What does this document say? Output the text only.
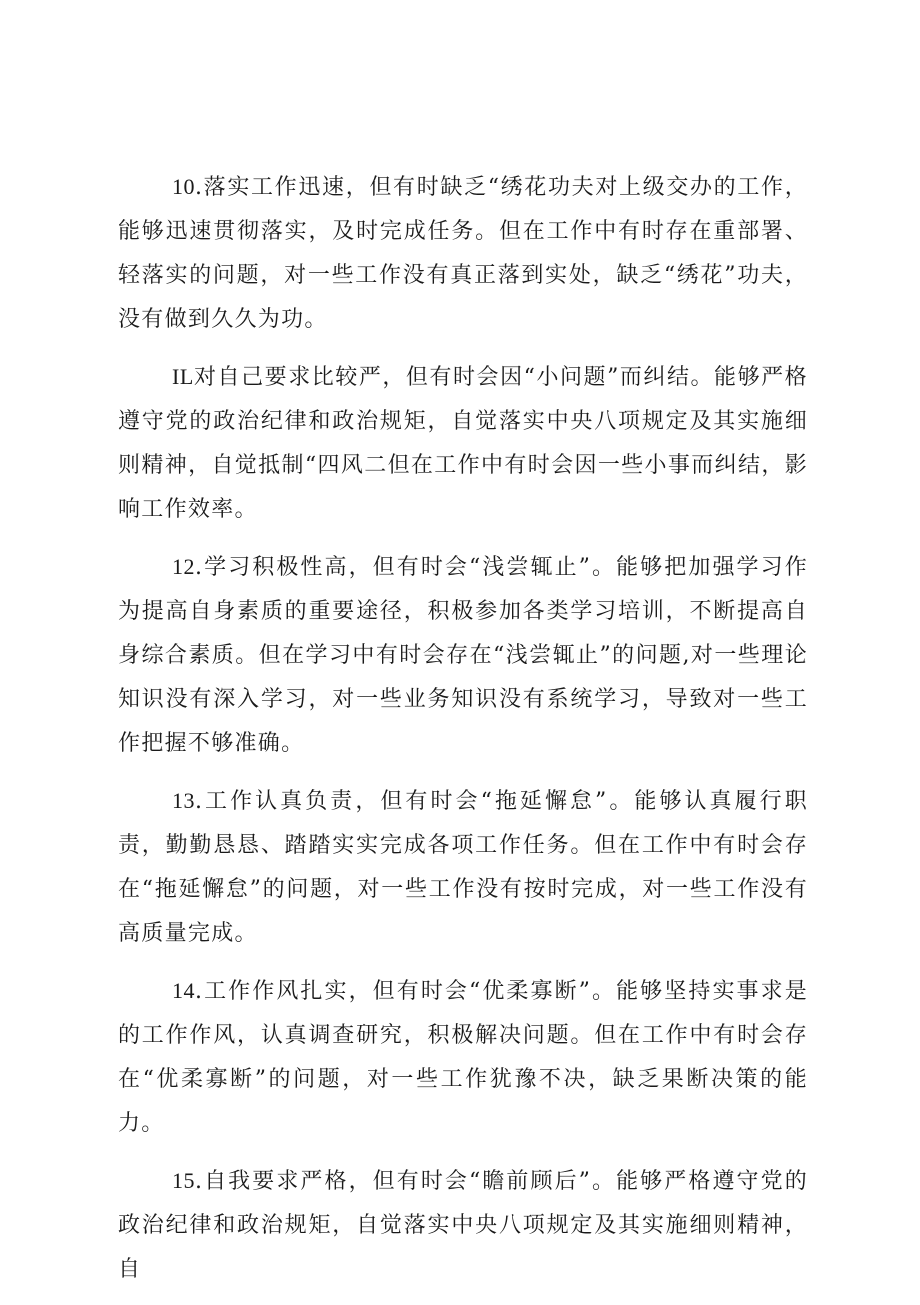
10.落实工作迅速，但有时缺乏“绣花功夫对上级交办的工作，能够迅速贯彻落实，及时完成任务。但在工作中有时存在重部署、轻落实的问题，对一些工作没有真正落到实处，缺乏“绣花”功夫，没有做到久久为功。

IL对自己要求比较严，但有时会因“小问题”而纠结。能够严格遵守党的政治纪律和政治规矩，自觉落实中央八项规定及其实施细则精神，自觉抵制“四风二但在工作中有时会因一些小事而纠结，影响工作效率。

12.学习积极性高，但有时会“浅尝辄止”。能够把加强学习作为提高自身素质的重要途径，积极参加各类学习培训，不断提高自身综合素质。但在学习中有时会存在“浅尝辄止”的问题,对一些理论知识没有深入学习，对一些业务知识没有系统学习，导致对一些工作把握不够准确。

13.工作认真负责，但有时会“拖延懈怠”。能够认真履行职责，勤勤恳恳、踏踏实实完成各项工作任务。但在工作中有时会存在“拖延懈怠”的问题，对一些工作没有按时完成，对一些工作没有高质量完成。

14.工作作风扎实，但有时会“优柔寡断”。能够坚持实事求是的工作作风，认真调查研究，积极解决问题。但在工作中有时会存在“优柔寡断”的问题，对一些工作犹豫不决，缺乏果断决策的能力。

15.自我要求严格，但有时会“瞻前顾后”。能够严格遵守党的政治纪律和政治规矩，自觉落实中央八项规定及其实施细则精神，自
